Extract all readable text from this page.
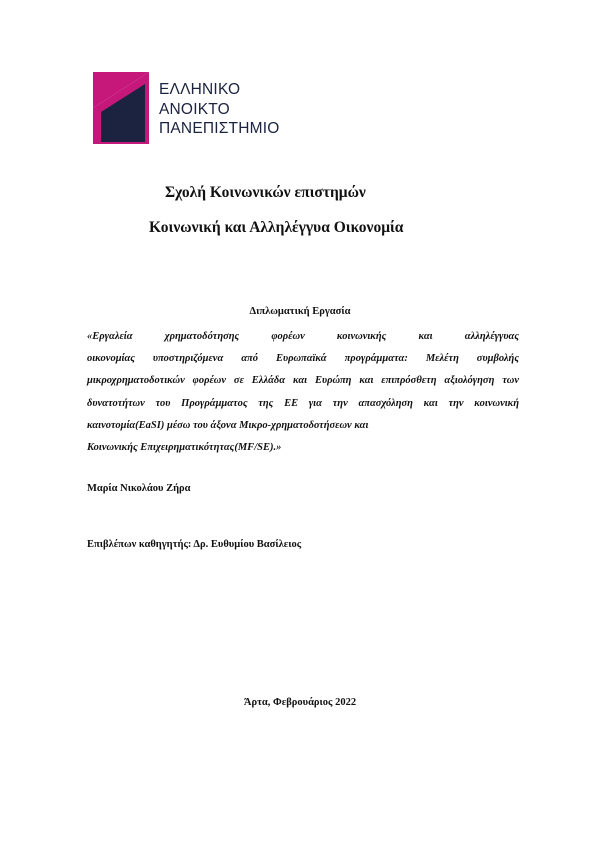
ΕΛΛΗΝΙΚΟ
ΑΝΟΙΚΤΟ
ΠΑΝΕΠΙΣΤΗΜΙΟ
Σχολή Κοινωνικών επιστημών
Κοινωνική και Αλληλέγγυα Οικονομία
Διπλωματική Εργασία
«Εργαλεία χρηματοδότησης φορέων κοινωνικής και αλληλέγγυας
οικονομίας υποστηριζόμενα από Ευρωπαϊκά προγράμματα: Μελέτη συμβολής
μικροχρηματοδοτικών φορέων σε Ελλάδα και Ευρώπη και επιπρόσθετη αξιολόγηση των
δυνατοτήτων του Προγράμματος της ΕΕ για την απασχόληση και την κοινωνική
καινοτομία(EaSI) μέσω του άξονα Μικρο-χρηματοδοτήσεων και
Κοινωνικής Επιχειρηματικότητας(MF/SE).»
Μαρία Νικολάου Ζήρα
Επιβλέπων καθηγητής: Δρ. Ευθυμίου Βασίλειος
Άρτα, Φεβρουάριος 2022
